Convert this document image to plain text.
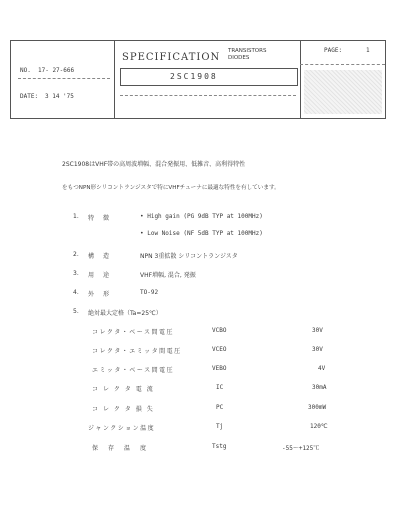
NO. 17- 27-666
DATE: 3 14 '75
SPECIFICATION
TRANSISTORS
DIODES
2SC1908
PAGE:	1
2SC1908はVHF帯の高周波増幅、混合発振用、低雑音、高利得特性
をもつNPN形シリコントランジスタで特にVHFチューナに最適な特性を有しています。
1. 特　徴	• High gain (PG 9dB TYP at 100MHz)
• Low Noise (NF 5dB TYP at 100MHz)
2. 構　造	NPN 3重拡散 シリコントランジスタ
3. 用　途	VHF増幅, 混合, 発振
4. 外　形	TO-92
5. 絶対最大定格（Ta=25℃）
コレクタ・ベース間電圧	VCBO	30V
コレクタ・エミッタ間電圧	VCEO	30V
エミッタ・ベース間電圧	VEBO	4V
コレクタ電流	IC	30mA
コレクタ損失	PC	300mW
ジャンクション温度	Tj	120℃
保存温度	Tstg	-55〜+125℃
